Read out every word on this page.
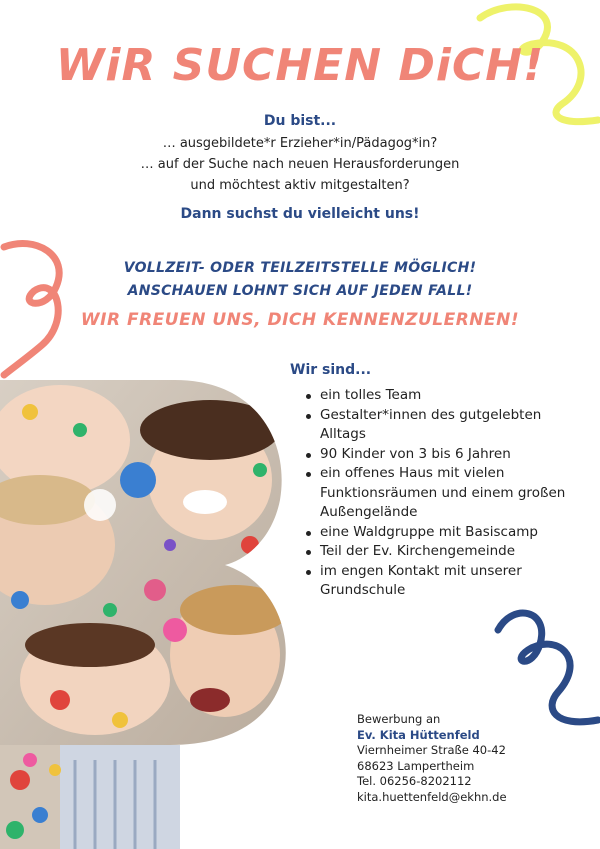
WiR SUCHEN DiCH!
Du bist...
… ausgebildete*r Erzieher*in/Pädagog*in?
… auf der Suche nach neuen Herausforderungen
und möchtest aktiv mitgestalten?
Dann suchst du vielleicht uns!
VOLLZEIT- ODER TEILZEITSTELLE MÖGLICH!
ANSCHAUEN LOHNT SICH AUF JEDEN FALL!
WIR FREUEN UNS, DICH KENNENZULERNEN!
Wir sind...
ein tolles Team
Gestalter*innen des gutgelebten Alltags
90 Kinder von 3 bis 6 Jahren
ein offenes Haus mit vielen Funktionsräumen und einem großen Außengelände
eine Waldgruppe mit Basiscamp
Teil der Ev. Kirchengemeinde
im engen Kontakt mit unserer Grundschule
Bewerbung an
Ev. Kita Hüttenfeld
Viernheimer Straße 40-42
68623 Lampertheim
Tel. 06256-8202112
kita.huettenfeld@ekhn.de
